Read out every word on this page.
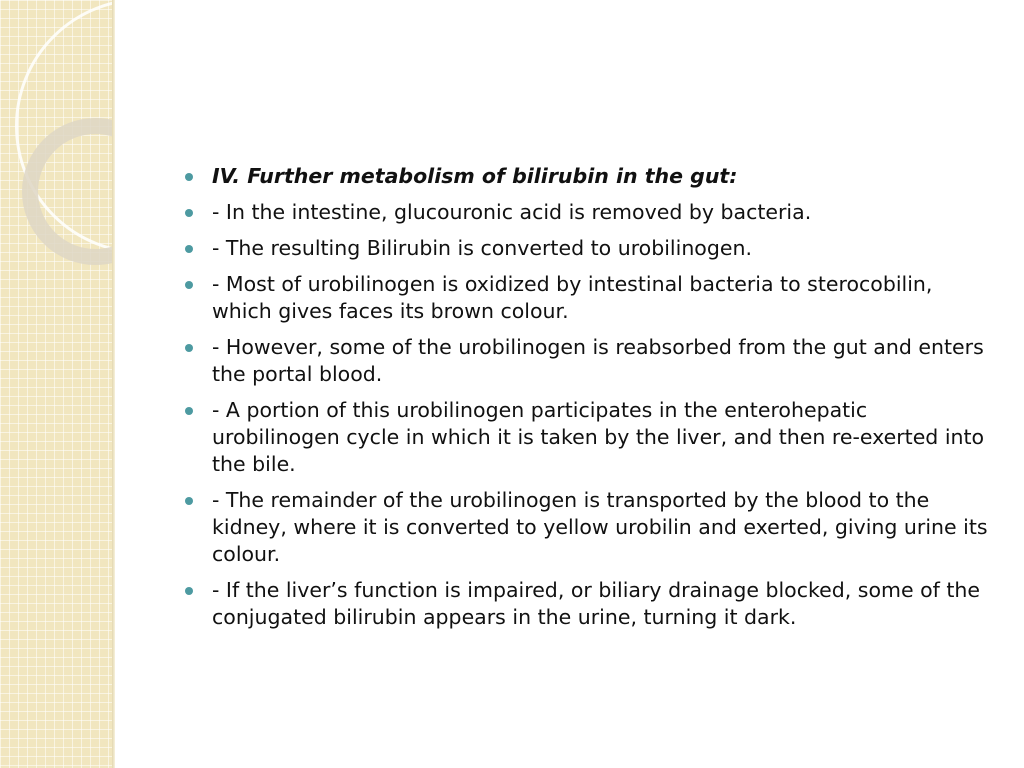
IV. Further metabolism of bilirubin in the gut:
- In the intestine, glucouronic acid is removed by bacteria.
- The resulting Bilirubin is converted to urobilinogen.
- Most of urobilinogen is oxidized by intestinal bacteria to sterocobilin, which gives faces its brown colour.
- However, some of the urobilinogen is reabsorbed from the gut and enters the portal blood.
- A portion of this urobilinogen participates in the enterohepatic urobilinogen cycle in which it is taken by the liver, and then re-exerted into the bile.
- The remainder of the urobilinogen is transported by the blood to the kidney, where it is converted to yellow urobilin and exerted, giving urine its colour.
- If the liver’s function is impaired, or biliary drainage blocked, some of the conjugated bilirubin appears in the urine, turning it dark.
